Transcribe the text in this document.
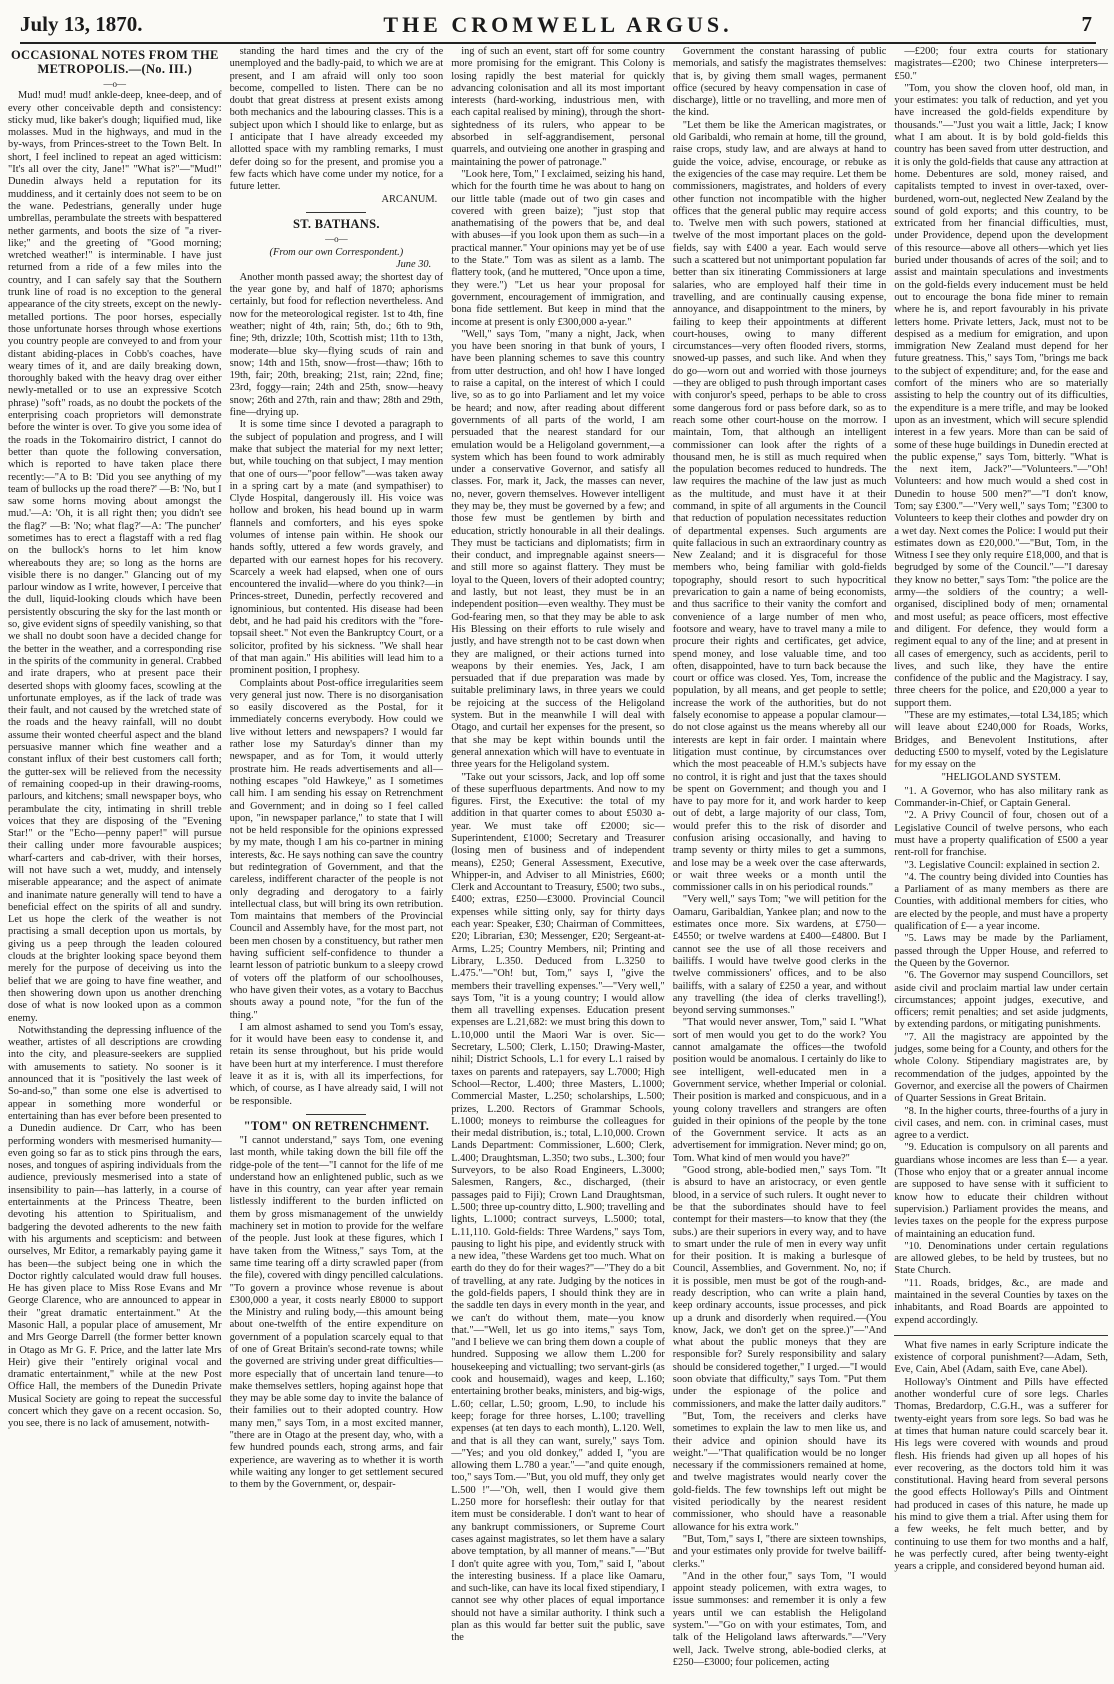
July 13, 1870.	THE CROMWELL ARGUS.	7
OCCASIONAL NOTES FROM THE METROPOLIS.—(No. III.)
—o—

Mud! mud! mud! ankle-deep, knee-deep, and of every other conceivable depth and consistency: sticky mud, like baker's dough; liquified mud, like molasses. Mud in the highways, and mud in the by-ways, from Princes-street to the Town Belt. In short, I feel inclined to repeat an aged witticism: "It's all over the city, Jane!" "What is?"—"Mud!" Dunedin always held a reputation for its muddiness, and it certainly does not seem to be on the wane. Pedestrians, generally under huge umbrellas, perambulate the streets with bespattered nether garments, and boots the size of "a river-like;" and the greeting of "Good morning; wretched weather!" is interminable. I have just returned from a ride of a few miles into the country, and I can safely say that the Southern trunk line of road is no exception to the general appearance of the city streets, except on the newly-metalled portions. The poor horses, especially those unfortunate horses through whose exertions you country people are conveyed to and from your distant abiding-places in Cobb's coaches, have weary times of it, and are daily breaking down, thoroughly baked with the heavy drag over either newly-metalled or to use an expressive Scotch phrase) "soft" roads, as no doubt the pockets of the enterprising coach proprietors will demonstrate before the winter is over. To give you some idea of the roads in the Tokomairiro district, I cannot do better than quote the following conversation, which is reported to have taken place there recently:—"A to B: 'Did you see anything of my team of bullocks up the road there?' —B: 'No, but I saw some horns moving about amongst the mud.'—A: 'Oh, it is all right then; you didn't see the flag?' —B: 'No; what flag?'—A: 'The puncher' sometimes has to erect a flagstaff with a red flag on the bullock's horns to let him know whereabouts they are; so long as the horns are visible there is no danger." Glancing out of my parlour window as I write, however, I perceive that the dull, liquid-looking clouds which have been persistently obscuring the sky for the last month or so, give evident signs of speedily vanishing, so that we shall no doubt soon have a decided change for the better in the weather, and a corresponding rise in the spirits of the community in general. Crabbed and irate drapers, who at present pace their deserted shops with gloomy faces, scowling at the unfortunate employes, as if the lack of trade was their fault, and not caused by the wretched state of the roads and the heavy rainfall, will no doubt assume their wonted cheerful aspect and the bland persuasive manner which fine weather and a constant influx of their best customers call forth; the gutter-sex will be relieved from the necessity of remaining cooped-up in their drawing-rooms, parlours, and kitchens; small newspaper boys, who perambulate the city, intimating in shrill treble voices that they are disposing of the "Evening Star!" or the "Echo—penny paper!" will pursue their calling under more favourable auspices; wharf-carters and cab-driver, with their horses, will not have such a wet, muddy, and intensely miserable appearance; and the aspect of animate and inanimate nature generally will tend to have a beneficial effect on the spirits of all and sundry. Let us hope the clerk of the weather is not practising a small deception upon us mortals, by giving us a peep through the leaden coloured clouds at the brighter looking space beyond them merely for the purpose of deceiving us into the belief that we are going to have fine weather, and then showering down upon us another drenching dose of what is now looked upon as a common enemy.

Notwithstanding the depressing influence of the weather, artistes of all descriptions are crowding into the city, and pleasure-seekers are supplied with amusements to satiety. No sooner is it announced that it is "positively the last week of So-and-so," than some one else is advertised to appear in something more wonderful or entertaining than has ever before been presented to a Dunedin audience. Dr Carr, who has been performing wonders with mesmerised humanity—even going so far as to stick pins through the ears, noses, and tongues of aspiring individuals from the audience, previously mesmerised into a state of insensibility to pain—has latterly, in a course of entertainments at the Princess Theatre, been devoting his attention to Spiritualism, and badgering the devoted adherents to the new faith with his arguments and scepticism: and between ourselves, Mr Editor, a remarkably paying game it has been—the subject being one in which the Doctor rightly calculated would draw full houses. He has given place to Miss Rose Evans and Mr George Clarence, who are announced to appear in their "great dramatic entertainment." At the Masonic Hall, a popular place of amusement, Mr and Mrs George Darrell (the former better known in Otago as Mr G. F. Price, and the latter late Mrs Heir) give their "entirely original vocal and dramatic entertainment," while at the new Post Office Hall, the members of the Dunedin Private Musical Society are going to repeat the successful concert which they gave on a recent occasion. So, you see, there is no lack of amusement, notwith-

standing the hard times and the cry of the unemployed and the badly-paid, to which we are at present, and I am afraid will only too soon become, compelled to listen. There can be no doubt that great distress at present exists among both mechanics and the labouring classes. This is a subject upon which I should like to enlarge, but as I anticipate that I have already exceeded my allotted space with my rambling remarks, I must defer doing so for the present, and promise you a few facts which have come under my notice, for a future letter.

ARCANUM.
ST. BATHANS.
—o—
(From our own Correspondent.)
June 30.

Another month passed away; the shortest day of the year gone by, and half of 1870; aphorisms certainly, but food for reflection nevertheless. And now for the meteorological register. 1st to 4th, fine weather; night of 4th, rain; 5th, do.; 6th to 9th, fine; 9th, drizzle; 10th, Scottish mist; 11th to 13th, moderate—blue sky—flying scuds of rain and snow; 14th and 15th, snow—frost—thaw; 16th to 19th, fair; 20th, breaking; 21st, rain; 22nd, fine; 23rd, foggy—rain; 24th and 25th, snow—heavy snow; 26th and 27th, rain and thaw; 28th and 29th, fine—drying up.

It is some time since I devoted a paragraph to the subject of population and progress, and I will make that subject the material for my next letter; but, while touching on that subject, I may mention that one of ours—"poor fellow"—was taken away in a spring cart by a mate (and sympathiser) to Clyde Hospital, dangerously ill. His voice was hollow and broken, his head bound up in warm flannels and comforters, and his eyes spoke volumes of intense pain within. He shook our hands softly, uttered a few words gravely, and departed with our earnest hopes for his recovery. Scarcely a week had elapsed, when one of ours encountered the invalid—where do you think?—in Princes-street, Dunedin, perfectly recovered and ignominious, but contented. His disease had been debt, and he had paid his creditors with the "fore-topsail sheet." Not even the Bankruptcy Court, or a solicitor, profited by his sickness. "We shall hear of that man again." His abilities will lead him to a prominent position, I prophesy.

Complaints about Post-office irregularities seem very general just now. There is no disorganisation so easily discovered as the Postal, for it immediately concerns everybody. How could we live without letters and newspapers? I would far rather lose my Saturday's dinner than my newspaper, and as for Tom, it would utterly prostrate him. He reads advertisements and all—nothing escapes "old Hawkeye," as I sometimes call him. I am sending his essay on Retrenchment and Government; and in doing so I feel called upon, "in newspaper parlance," to state that I will not be held responsible for the opinions expressed by my mate, though I am his co-partner in mining interests, &c. He says nothing can save the country but redintegration of Government, and that the careless, indifferent character of the people is not only degrading and derogatory to a fairly intellectual class, but will bring its own retribution. Tom maintains that members of the Provincial Council and Assembly have, for the most part, not been men chosen by a constituency, but rather men having sufficient self-confidence to thunder a learnt lesson of patriotic bunkum to a sleepy crowd of voters off the platform of our schoolhouses, who have given their votes, as a votary to Bacchus shouts away a pound note, "for the fun of the thing."

I am almost ashamed to send you Tom's essay, for it would have been easy to condense it, and retain its sense throughout, but his pride would have been hurt at my interference. I must therefore leave it as it is, with all its imperfections, for which, of course, as I have already said, I will not be responsible.

"TOM" ON RETRENCHMENT.

"I cannot understand," says Tom, one evening last month, while taking down the bill file off the ridge-pole of the tent—"I cannot for the life of me understand how an enlightened public, such as we have in this country, can year after year remain listlessly indifferent to the burden inflicted on them by gross mismanagement of the unwieldy machinery set in motion to provide for the welfare of the people. Just look at these figures, which I have taken from the Witness," says Tom, at the same time tearing off a dirty scrawled paper (from the file), covered with dingy pencilled calculations. "To govern a province whose revenue is about £300,000 a year, it costs nearly £8000 to support the Ministry and ruling body,—this amount being about one-twelfth of the entire expenditure on government of a population scarcely equal to that of one of Great Britain's second-rate towns; while the governed are striving under great difficulties—more especially that of uncertain land tenure—to make themselves settlers, hoping against hope that they may be able some day to invite the balance of their families out to their adopted country. How many men," says Tom, in a most excited manner, "there are in Otago at the present day, who, with a few hundred pounds each, strong arms, and fair experience, are wavering as to whether it is worth while waiting any longer to get settlement secured to them by the Government, or, despair-

ing of such an event, start off for some country more promising for the emigrant. This Colony is losing rapidly the best material for quickly advancing colonisation and all its most important interests (hard-working, industrious men, with each capital realised by mining), through the short-sightedness of its rulers, who appear to be absorbed in self-aggrandisement, personal quarrels, and outvieing one another in grasping and maintaining the power of patronage."

"Look here, Tom," I exclaimed, seizing his hand, which for the fourth time he was about to hang on our little table (made out of two gin cases and covered with green baize); "just stop that anathematising of the powers that be, and deal with abuses—if you look upon them as such—in a practical manner." Your opinions may yet be of use to the State." Tom was as silent as a lamb. The flattery took, (and he muttered, "Once upon a time, they were.") "Let us hear your proposal for government, encouragement of immigration, and bona fide settlement. But keep in mind that the income at present is only £300,000 a-year."

"Well," says Tom, "many a night, Jack, when you have been snoring in that bunk of yours, I have been planning schemes to save this country from utter destruction, and oh! how I have longed to raise a capital, on the interest of which I could live, so as to go into Parliament and let my voice be heard; and now, after reading about different governments of all parts of the world, I am persuaded that the nearest standard for our emulation would be a Heligoland government,—a system which has been found to work admirably under a conservative Governor, and satisfy all classes. For, mark it, Jack, the masses can never, no, never, govern themselves. However intelligent they may be, they must be governed by a few; and those few must be gentlemen by birth and education, strictly honourable in all their dealings. They must be tacticians and diplomatists; firm in their conduct, and impregnable against sneers—and still more so against flattery. They must be loyal to the Queen, lovers of their adopted country; and lastly, but not least, they must be in an independent position—even wealthy. They must be God-fearing men, so that they may be able to ask His Blessing on their efforts to rule wisely and justly, and have strength not to be cast down when they are maligned, or their actions turned into weapons by their enemies. Yes, Jack, I am persuaded that if due preparation was made by suitable preliminary laws, in three years we could be rejoicing at the success of the Heligoland system. But in the meanwhile I will deal with Otago, and curtail her expenses for the present, so that she may be kept within bounds until the general annexation which will have to eventuate in three years for the Heligoland system.

"Take out your scissors, Jack, and lop off some of these superfluous departments. And now to my figures. First, the Executive: the total of my addition in that quarter comes to about £5030 a-year. We must take off £2000; sic—Superintendent, £1000; Secretary and Treasurer (losing men of business and of independent means), £250; General Assessment, Executive, Whipper-in, and Adviser to all Ministries, £600; Clerk and Accountant to Treasury, £500; two subs., £400; extras, £250—£3000. Provincial Council expenses while sitting only, say for thirty days each year: Speaker, £30; Chairman of Committees, £20; Librarian, £30; Messenger, £20; Sergeant-at-Arms, L.25; Country Members, nil; Printing and Library, L.350. Deduced from L.3250 to L.475."—"Oh! but, Tom," says I, "give the members their travelling expenses."—"Very well," says Tom, "it is a young country; I would allow them all travelling expenses. Education present expenses are L.21,682: we must bring this down to L.10,000 until the Maori War is over. Sic—Secretary, L.500; Clerk, L.150; Drawing-Master, nihil; District Schools, L.1 for every L.1 raised by taxes on parents and ratepayers, say L.7000; High School—Rector, L.400; three Masters, L.1000; Commercial Master, L.250; scholarships, L.500; prizes, L.200. Rectors of Grammar Schools, L.1000; moneys to reimburse the colleagues for their medal distribution, is.; total, L.10,000. Crown Lands Department: Commissioner, L.600; Clerk, L.400; Draughtsman, L.350; two subs., L.300; four Surveyors, to be also Road Engineers, L.3000; Salesmen, Rangers, &c., discharged, (their passages paid to Fiji); Crown Land Draughtsman, L.500; three up-country ditto, L.900; travelling and lights, L.1000; contract surveys, L.5000; total, L.11,110. Gold-fields: Three Wardens," says Tom, pausing to light his pipe, and evidently struck with a new idea, "these Wardens get too much. What on earth do they do for their wages?"—"They do a bit of travelling, at any rate. Judging by the notices in the gold-fields papers, I should think they are in the saddle ten days in every month in the year, and we can't do without them, mate—you know that."—"Well, let us go into items," says Tom, "and I believe we can bring them down a couple of hundred. Supposing we allow them L.200 for housekeeping and victualling; two servant-girls (as cook and housemaid), wages and keep, L.160; entertaining brother beaks, ministers, and big-wigs, L.60; cellar, L.50; groom, L.90, to include his keep; forage for three horses, L.100; travelling expenses (at ten days to each month), L.120. Well, and that is all they can want, surely," says Tom.—"Yes; and you old donkey," added I, "you are allowing them L.780 a year."—"and quite enough, too," says Tom.—"But, you old muff, they only get L.500 !"—"Oh, well, then I would give them L.250 more for horseflesh: their outlay for that item must be considerable. I don't want to hear of any bankrupt commissioners, or Supreme Court cases against magistrates, so let them have a salary above temptation, by all manner of means."—"But I don't quite agree with you, Tom," said I, "about the interesting business. If a place like Oamaru, and such-like, can have its local fixed stipendiary, I cannot see why other places of equal importance should not have a similar authority. I think such a plan as this would far better suit the public, save the

Government the constant harassing of public memorials, and satisfy the magistrates themselves: that is, by giving them small wages, permanent office (secured by heavy compensation in case of discharge), little or no travelling, and more men of the kind.

"Let them be like the American magistrates, or old Garibaldi, who remain at home, till the ground, raise crops, study law, and are always at hand to guide the voice, advise, encourage, or rebuke as the exigencies of the case may require. Let them be commissioners, magistrates, and holders of every other function not incompatible with the higher offices that the general public may require access to. Twelve men with such powers, stationed at twelve of the most important places on the gold-fields, say with £400 a year. Each would serve such a scattered but not unimportant population far better than six itinerating Commissioners at large salaries, who are employed half their time in travelling, and are continually causing expense, annoyance, and disappointment to the miners, by failing to keep their appointments at different court-houses, owing to many different circumstances—very often flooded rivers, storms, snowed-up passes, and such like. And when they do go—worn out and worried with those journeys—they are obliged to push through important cases with conjuror's speed, perhaps to be able to cross some dangerous ford or pass before dark, so as to reach some other court-house on the morrow. I maintain, Tom, that although an intelligent commissioner can look after the rights of a thousand men, he is still as much required when the population becomes reduced to hundreds. The law requires the machine of the law just as much as the multitude, and must have it at their command, in spite of all arguments in the Council that reduction of population necessitates reduction of departmental expenses. Such arguments are quite fallacious in such an extraordinary country as New Zealand; and it is disgraceful for those members who, being familiar with gold-fields topography, should resort to such hypocritical prevarication to gain a name of being economists, and thus sacrifice to their vanity the comfort and convenience of a large number of men who, footsore and weary, have to travel many a mile to procure their rights and certificates, get advice, spend money, and lose valuable time, and too often, disappointed, have to turn back because the court or office was closed. Yes, Tom, increase the population, by all means, and get people to settle; increase the work of the authorities, but do not falsely economise to appease a popular clamour—do not close against us the means whereby all our interests are kept in fair order. I maintain where litigation must continue, by circumstances over which the most peaceable of H.M.'s subjects have no control, it is right and just that the taxes should be spent on Government; and though you and I have to pay more for it, and work harder to keep out of debt, a large majority of our class, Tom, would prefer this to the risk of disorder and confusion arising occasionally, and having to tramp seventy or thirty miles to get a summons, and lose may be a week over the case afterwards, or wait three weeks or a month until the commissioner calls in on his periodical rounds."

"Very well," says Tom; "we will petition for the Oamaru, Garibaldian, Yankee plan; and now to the estimates once more. Six wardens, at £750—£4550; or twelve wardens at £400—£4800. But I cannot see the use of all those receivers and bailiffs. I would have twelve good clerks in the twelve commissioners' offices, and to be also bailiffs, with a salary of £250 a year, and without any travelling (the idea of clerks travelling!), beyond serving summonses."

"That would never answer, Tom," said I. "What sort of men would you get to do the work? You cannot amalgamate the offices—the twofold position would be anomalous. I certainly do like to see intelligent, well-educated men in a Government service, whether Imperial or colonial. Their position is marked and conspicuous, and in a young colony travellers and strangers are often guided in their opinions of the people by the tone of the Government service. It acts as an advertisement for immigration. Never mind; go on, Tom. What kind of men would you have?"

"Good strong, able-bodied men," says Tom. "It is absurd to have an aristocracy, or even gentle blood, in a service of such rulers. It ought never to be that the subordinates should have to feel contempt for their masters—to know that they (the subs.) are their superiors in every way, and to have to smart under the rule of men in every way unfit for their position. It is making a burlesque of Council, Assemblies, and Government. No, no; if it is possible, men must be got of the rough-and-ready description, who can write a plain hand, keep ordinary accounts, issue processes, and pick up a drunk and disorderly when required.—(You know, Jack, we don't get on the spree.)"—"And what about the public moneys that they are responsible for? Surely responsibility and salary should be considered together," I urged.—"I would soon obviate that difficulty," says Tom. "Put them under the espionage of the police and commissioners, and make the latter daily auditors."

"But, Tom, the receivers and clerks have sometimes to explain the law to men like us, and their advice and opinion should have its weight."—"That qualification would be no longer necessary if the commissioners remained at home, and twelve magistrates would nearly cover the gold-fields. The few townships left out might be visited periodically by the nearest resident commissioner, who should have a reasonable allowance for his extra work."

"But, Tom," says I, "there are sixteen townships, and your estimates only provide for twelve bailiff-clerks."

"And in the other four," says Tom, "I would appoint steady policemen, with extra wages, to issue summonses: and remember it is only a few years until we can establish the Heligoland system."—"Go on with your estimates, Tom, and talk of the Heligoland laws afterwards."—"Very well, Jack. Twelve strong, able-bodied clerks, at £250—£3000; four policemen, acting

—£200; four extra courts for stationary magistrates—£200; two Chinese interpreters—£50."

"Tom, you show the cloven hoof, old man, in your estimates: you talk of reduction, and yet you have increased the gold-fields expenditure by thousands."—"Just you wait a little, Jack; I know what I am about. It is by bold gold-fields this country has been saved from utter destruction, and it is only the gold-fields that cause any attraction at home. Debentures are sold, money raised, and capitalists tempted to invest in over-taxed, over-burdened, worn-out, neglected New Zealand by the sound of gold exports; and this country, to be extricated from her financial difficulties, must, under Providence, depend upon the development of this resource—above all others—which yet lies buried under thousands of acres of the soil; and to assist and maintain speculations and investments on the gold-fields every inducement must be held out to encourage the bona fide miner to remain where he is, and report favourably in his private letters home. Private letters, Jack, must not to be despised as a medium for emigration, and upon immigration New Zealand must depend for her future greatness. This," says Tom, "brings me back to the subject of expenditure; and, for the ease and comfort of the miners who are so materially assisting to help the country out of its difficulties, the expenditure is a mere trifle, and may be looked upon as an investment, which will secure splendid interest in a few years. More than can be said of some of these huge buildings in Dunedin erected at the public expense," says Tom, bitterly. "What is the next item, Jack?"—"Volunteers."—"Oh! Volunteers: and how much would a shed cost in Dunedin to house 500 men?"—"I don't know, Tom; say £300."—"Very well," says Tom; "£300 to Volunteers to keep their clothes and powder dry on a wet day. Next comes the Police: I would put their estimates down as £20,000."—"But, Tom, in the Witness I see they only require £18,000, and that is begrudged by some of the Council."—"I daresay they know no better," says Tom: "the police are the army—the soldiers of the country; a well-organised, disciplined body of men; ornamental and most useful; as peace officers, most effective and diligent. For defence, they would form a regiment equal to any of the line; and at present in all cases of emergency, such as accidents, peril to lives, and such like, they have the entire confidence of the public and the Magistracy. I say, three cheers for the police, and £20,000 a year to support them.

"These are my estimates,—total L34,185; which will leave about £240,000 for Roads, Works, Bridges, and Benevolent Institutions, after deducting £500 to myself, voted by the Legislature for my essay on the

"HELIGOLAND SYSTEM.

"1. A Governor, who has also military rank as Commander-in-Chief, or Captain General.

"2. A Privy Council of four, chosen out of a Legislative Council of twelve persons, who each must have a property qualification of £500 a year rent-roll for franchise.

"3. Legislative Council: explained in section 2.

"4. The country being divided into Counties has a Parliament of as many members as there are Counties, with additional members for cities, who are elected by the people, and must have a property qualification of £— a year income.

"5. Laws may be made by the Parliament, passed through the Upper House, and referred to the Queen by the Governor.

"6. The Governor may suspend Councillors, set aside civil and proclaim martial law under certain circumstances; appoint judges, executive, and officers; remit penalties; and set aside judgments, by extending pardons, or mitigating punishments.

"7. All the magistracy are appointed by the judges, some being for a County, and others for the whole Colony. Stipendiary magistrates are, by recommendation of the judges, appointed by the Governor, and exercise all the powers of Chairmen of Quarter Sessions in Great Britain.

"8. In the higher courts, three-fourths of a jury in civil cases, and nem. con. in criminal cases, must agree to a verdict.

"9. Education is compulsory on all parents and guardians whose incomes are less than £— a year. (Those who enjoy that or a greater annual income are supposed to have sense with it sufficient to know how to educate their children without supervision.) Parliament provides the means, and levies taxes on the people for the express purpose of maintaining an education fund.

"10. Denominations under certain regulations are allowed glebes, to be held by trustees, but no State Church.

"11. Roads, bridges, &c., are made and maintained in the several Counties by taxes on the inhabitants, and Road Boards are appointed to expend accordingly.

What five names in early Scripture indicate the existence of corporal punishment?—Adam, Seth, Eve, Cain, Abel (Adam, saith Eve, cane Abel).

Holloway's Ointment and Pills have effected another wonderful cure of sore legs. Charles Thomas, Bredardorp, C.G.H., was a sufferer for twenty-eight years from sore legs. So bad was he at times that human nature could scarcely bear it. His legs were covered with wounds and proud flesh. His friends had given up all hopes of his ever recovering, as the doctors told him it was constitutional. Having heard from several persons the good effects Holloway's Pills and Ointment had produced in cases of this nature, he made up his mind to give them a trial. After using them for a few weeks, he felt much better, and by continuing to use them for two months and a half, he was perfectly cured, after being twenty-eight years a cripple, and considered beyond human aid.
